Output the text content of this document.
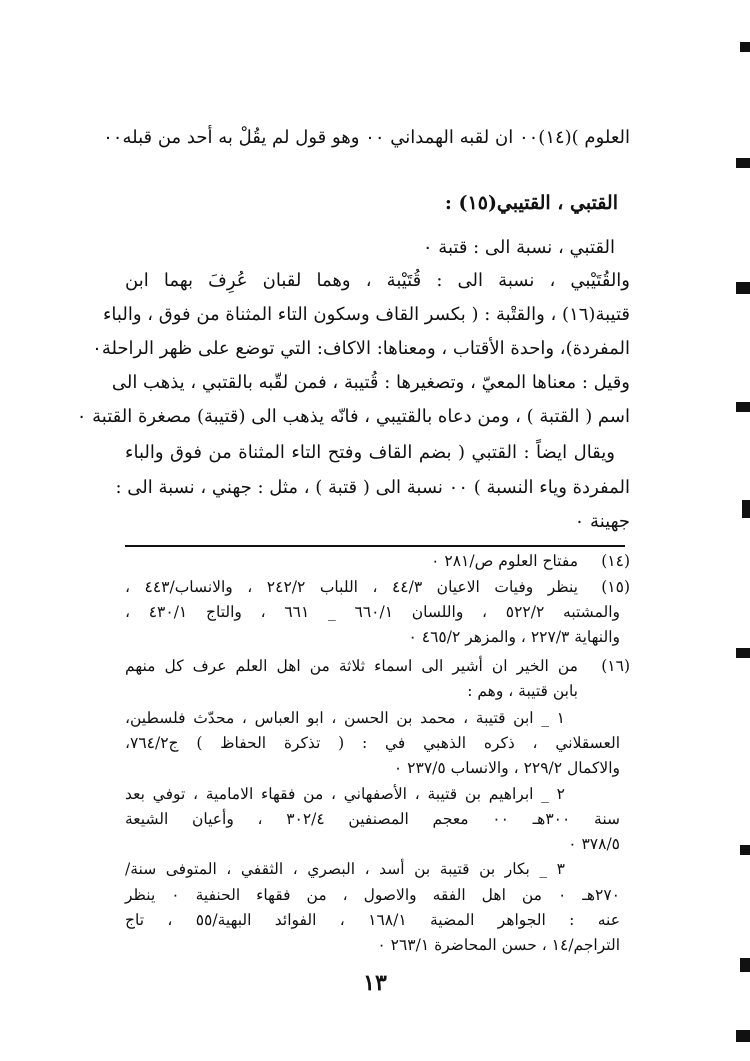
العلوم )(١٤)٠٠ ان لقبه الهمداني ٠٠ وهو قول لم يقُلْ به أحد من قبله٠٠
القتبي ، القتيبي(١٥) :
القتبي ، نسبة الى : قتبة ٠
والقُتَيْبي ، نسبة الى : قُتَيْبة ، وهما لقبان عُرِفَ بهما ابن
قتيبة(١٦) ، والقتْبة : ( بكسر القاف وسكون التاء المثناة من فوق ، والباء
المفردة)، واحدة الأقتاب ، ومعناها: الاكاف: التي توضع على ظهر الراحلة٠
وقيل : معناها المعيّ ، وتصغيرها : قُتيبة ، فمن لقّبه بالقتبي ، يذهب الى
اسم ( القتبة ) ، ومن دعاه بالقتيبي ، فانّه يذهب الى (قتيبة) مصغرة القتبة ٠
ويقال ايضاً : القتبي ( بضم القاف وفتح التاء المثناة من فوق والباء
المفردة وياء النسبة ) ٠٠ نسبة الى ( قتبة ) ، مثل : جهني ، نسبة الى :
جهينة ٠
(١٤)
مفتاح العلوم ص/٢٨١ ٠
(١٥)
ينظر وفيات الاعيان ٤٤/٣ ، اللباب ٢٤٢/٢ ، والانساب/٤٤٣ ،
والمشتبه ٥٢٢/٢ ، واللسان ٦٦٠/١ _ ٦٦١ ، والتاج ٤٣٠/١ ،
والنهاية ٢٢٧/٣ ، والمزهر ٤٦٥/٢ ٠
(١٦)
من الخير ان أشير الى اسماء ثلاثة من اهل العلم عرف كل منهم
بابن قتيبة ، وهم :
١ _ ابن قتيبة ، محمد بن الحسن ، ابو العباس ، محدّث فلسطين،
العسقلاني ، ذكره الذهبي في : ( تذكرة الحفاظ ) ج٧٦٤/٢،
والاكمال ٢٢٩/٢ ، والانساب ٢٣٧/٥ ٠
٢ _ ابراهيم بن قتيبة ، الأصفهاني ، من فقهاء الامامية ، توفي بعد
سنة ٣٠٠هـ ٠٠ معجم المصنفين ٣٠٢/٤ ، وأعيان الشيعة
٣٧٨/٥ ٠
٣ _ بكار بن قتيبة بن أسد ، البصري ، الثقفي ، المتوفى سنة/
٢٧٠هـ ٠ من اهل الفقه والاصول ، من فقهاء الحنفية ٠ ينظر
عنه : الجواهر المضية ١٦٨/١ ، الفوائد البهية/٥٥ ، تاج
التراجم/١٤ ، حسن المحاضرة ٢٦٣/١ ٠
١٣
